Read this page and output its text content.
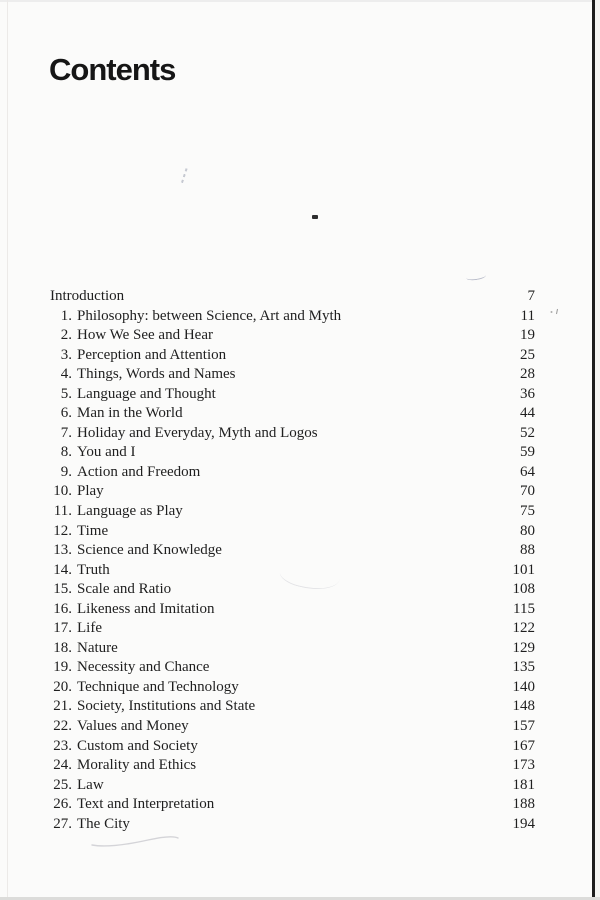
Contents
Introduction	7
1. Philosophy: between Science, Art and Myth	11
2. How We See and Hear	19
3. Perception and Attention	25
4. Things, Words and Names	28
5. Language and Thought	36
6. Man in the World	44
7. Holiday and Everyday, Myth and Logos	52
8. You and I	59
9. Action and Freedom	64
10. Play	70
11. Language as Play	75
12. Time	80
13. Science and Knowledge	88
14. Truth	101
15. Scale and Ratio	108
16. Likeness and Imitation	115
17. Life	122
18. Nature	129
19. Necessity and Chance	135
20. Technique and Technology	140
21. Society, Institutions and State	148
22. Values and Money	157
23. Custom and Society	167
24. Morality and Ethics	173
25. Law	181
26. Text and Interpretation	188
27. The City	194
